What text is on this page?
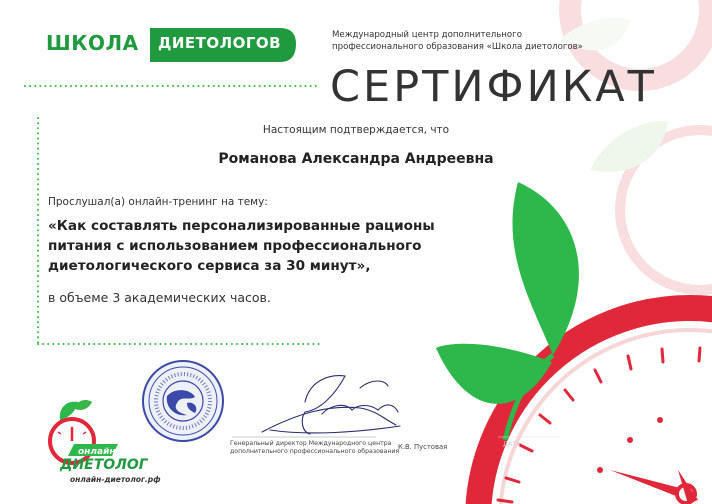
ШКОЛА ДИЕТОЛОГОВ	Международный центр дополнительного
профессионального образования «Школа диетологов»
СЕРТИФИКАТ
Настоящим подтверждается, что
Романова Александра Андреевна
Прослушал(а) онлайн-тренинг на тему:
«Как составлять персонализированные рационы
питания с использованием профессионального
диетологического сервиса за 30 минут»,
в объеме 3 академических часов.
Генеральный директор Международного центра
дополнительного профессионального образования
К.В. Пустовая	ДАТА
онлайн
ДИЕТОЛОГ
онлайн-диетолог.рф
